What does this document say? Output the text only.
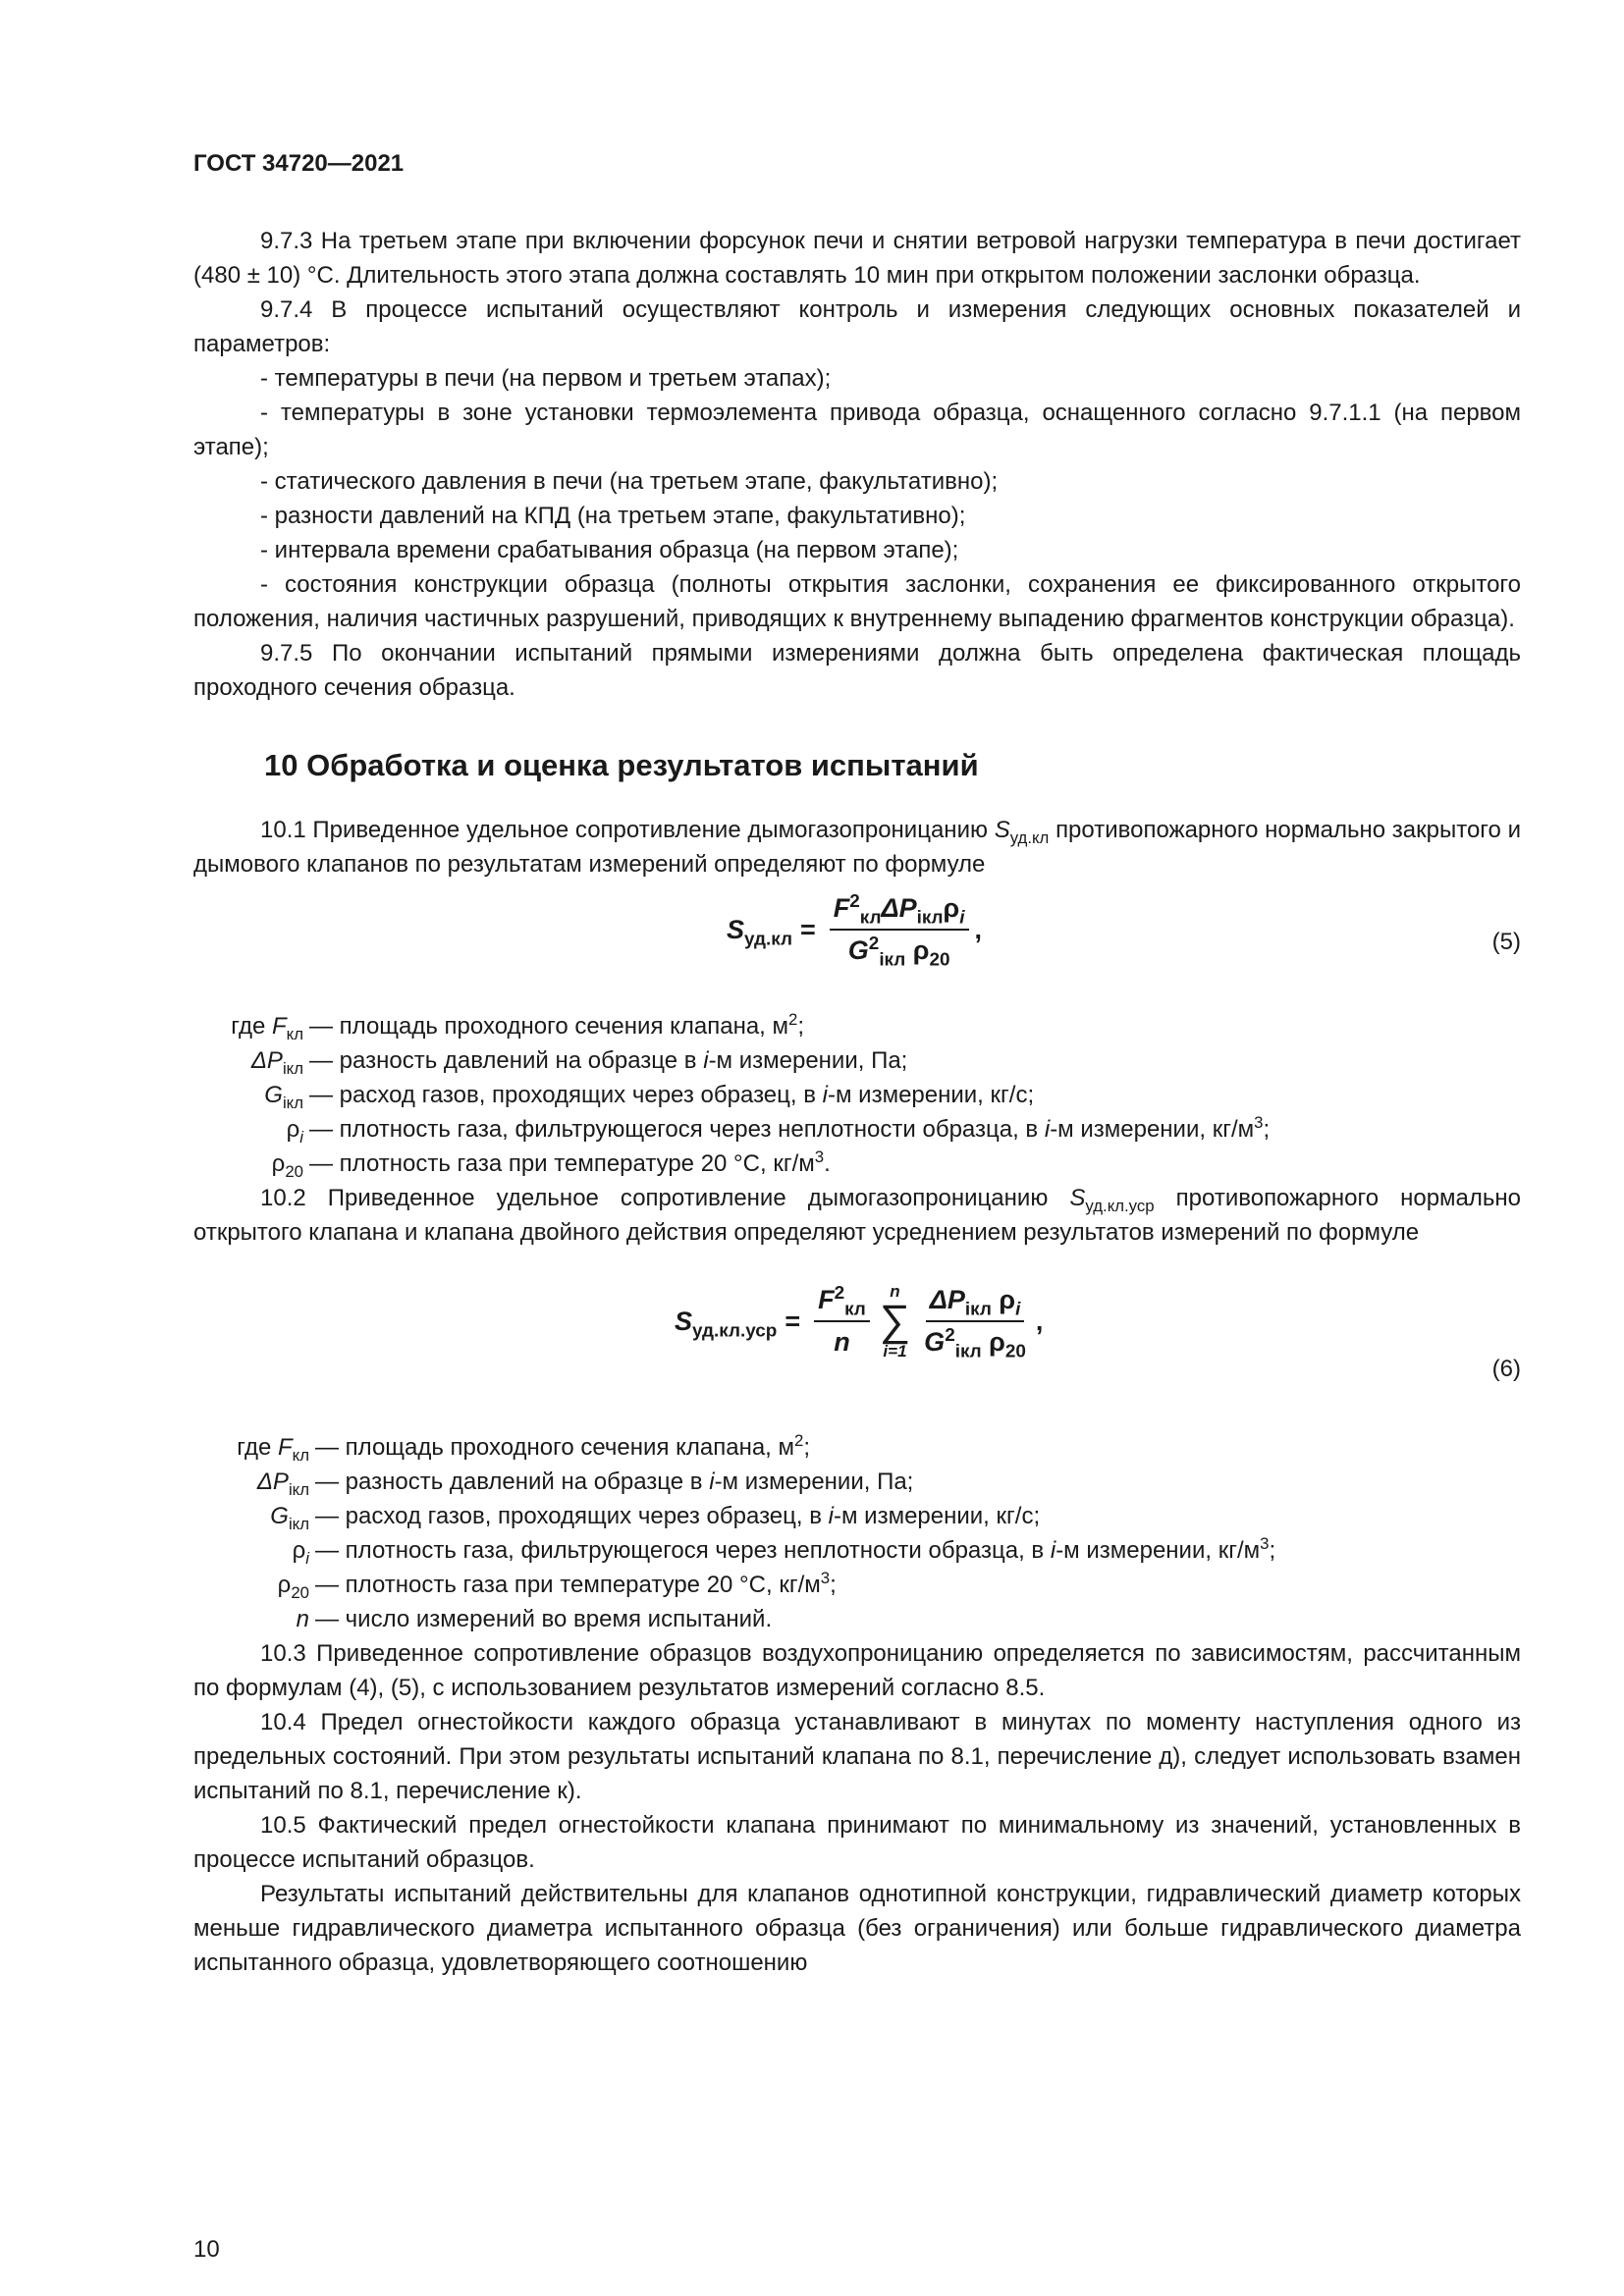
ГОСТ 34720—2021

9.7.3 На третьем этапе при включении форсунок печи и снятии ветровой нагрузки температура в печи достигает (480 ± 10) °С. Длительность этого этапа должна составлять 10 мин при открытом положении заслонки образца.

9.7.4 В процессе испытаний осуществляют контроль и измерения следующих основных показателей и параметров:

- температуры в печи (на первом и третьем этапах);

- температуры в зоне установки термоэлемента привода образца, оснащенного согласно 9.7.1.1 (на первом этапе);

- статического давления в печи (на третьем этапе, факультативно);

- разности давлений на КПД (на третьем этапе, факультативно);

- интервала времени срабатывания образца (на первом этапе);

- состояния конструкции образца (полноты открытия заслонки, сохранения ее фиксированного открытого положения, наличия частичных разрушений, приводящих к внутреннему выпадению фрагментов конструкции образца).

9.7.5 По окончании испытаний прямыми измерениями должна быть определена фактическая площадь проходного сечения образца.

10 Обработка и оценка результатов испытаний

10.1 Приведенное удельное сопротивление дымогазопроницанию $S_{уд.кл}$ противопожарного нормально закрытого и дымового клапанов по результатам измерений определяют по формуле

$S_{уд.кл} = \frac{F^2_{кл}\Delta P_{iкл}\rho_i}{G^2_{iкл} \rho_{20}}$ ,	(5)
где $F_{кл}$ — площадь проходного сечения клапана, $м^2$;
$\Delta P_{iкл}$ — разность давлений на образце в i-м измерении, Па;
$G_{iкл}$ — расход газов, проходящих через образец, в i-м измерении, кг/с;
$\rho_i$ — плотность газа, фильтрующегося через неплотности образца, в i-м измерении, $кг/м^3$;
$\rho_{20}$ — плотность газа при температуре 20 °С, $кг/м^3$.

10.2 Приведенное удельное сопротивление дымогазопроницанию $S_{уд.кл.уср}$ противопожарного нормально открытого клапана и клапана двойного действия определяют усреднением результатов измерений по формуле

$S_{уд.кл.уср} = \frac{F^2_{кл}}{n}$ n
∑
$i=1 \frac{\Delta P_{iкл} \rho_i}{G^2_{iкл} \rho_{20}}$ ,
(6)
где $F_{кл}$ — площадь проходного сечения клапана, $м^2$;
$\Delta P_{iкл}$ — разность давлений на образце в i-м измерении, Па;
$G_{iкл}$ — расход газов, проходящих через образец, в i-м измерении, кг/с;
$\rho_i$ — плотность газа, фильтрующегося через неплотности образца, в i-м измерении, $кг/м^3$;
$\rho_{20}$ — плотность газа при температуре 20 °С, $кг/м^3$;
n — число измерений во время испытаний.

10.3 Приведенное сопротивление образцов воздухопроницанию определяется по зависимостям, рассчитанным по формулам (4), (5), с использованием результатов измерений согласно 8.5.

10.4 Предел огнестойкости каждого образца устанавливают в минутах по моменту наступления одного из предельных состояний. При этом результаты испытаний клапана по 8.1, перечисление д), следует использовать взамен испытаний по 8.1, перечисление к).

10.5 Фактический предел огнестойкости клапана принимают по минимальному из значений, установленных в процессе испытаний образцов.

Результаты испытаний действительны для клапанов однотипной конструкции, гидравлический диаметр которых меньше гидравлического диаметра испытанного образца (без ограничения) или больше гидравлического диаметра испытанного образца, удовлетворяющего соотношению

10
